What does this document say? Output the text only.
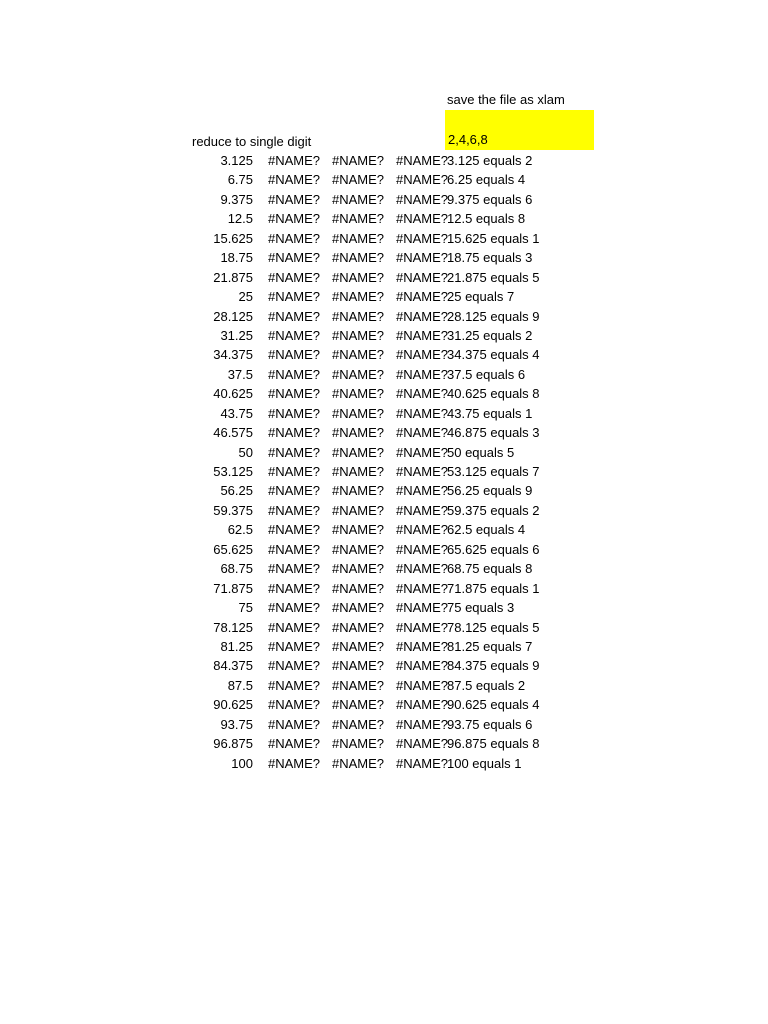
save the file as xlam
2,4,6,8
reduce to single digit
3.125 #NAME? #NAME? #NAME?
3.125 equals 2
6.75 #NAME? #NAME? #NAME?
6.25 equals 4
9.375 #NAME? #NAME? #NAME?
9.375 equals 6
12.5 #NAME? #NAME? #NAME?
12.5 equals 8
15.625 #NAME? #NAME? #NAME?
15.625 equals 1
18.75 #NAME? #NAME? #NAME?
18.75 equals 3
21.875 #NAME? #NAME? #NAME?
21.875 equals 5
25 #NAME? #NAME? #NAME?
25 equals 7
28.125 #NAME? #NAME? #NAME?
28.125 equals 9
31.25 #NAME? #NAME? #NAME?
31.25 equals 2
34.375 #NAME? #NAME? #NAME?
34.375 equals 4
37.5 #NAME? #NAME? #NAME?
37.5 equals 6
40.625 #NAME? #NAME? #NAME?
40.625 equals 8
43.75 #NAME? #NAME? #NAME?
43.75 equals 1
46.575 #NAME? #NAME? #NAME?
46.875 equals 3
50 #NAME? #NAME? #NAME?
50 equals 5
53.125 #NAME? #NAME? #NAME?
53.125 equals 7
56.25 #NAME? #NAME? #NAME?
56.25 equals 9
59.375 #NAME? #NAME? #NAME?
59.375 equals 2
62.5 #NAME? #NAME? #NAME?
62.5 equals 4
65.625 #NAME? #NAME? #NAME?
65.625 equals 6
68.75 #NAME? #NAME? #NAME?
68.75 equals 8
71.875 #NAME? #NAME? #NAME?
71.875 equals 1
75 #NAME? #NAME? #NAME?
75 equals 3
78.125 #NAME? #NAME? #NAME?
78.125 equals 5
81.25 #NAME? #NAME? #NAME?
81.25 equals 7
84.375 #NAME? #NAME? #NAME?
84.375 equals 9
87.5 #NAME? #NAME? #NAME?
87.5 equals 2
90.625 #NAME? #NAME? #NAME?
90.625 equals 4
93.75 #NAME? #NAME? #NAME?
93.75 equals 6
96.875 #NAME? #NAME? #NAME?
96.875 equals 8
100 #NAME? #NAME? #NAME?
100 equals 1
